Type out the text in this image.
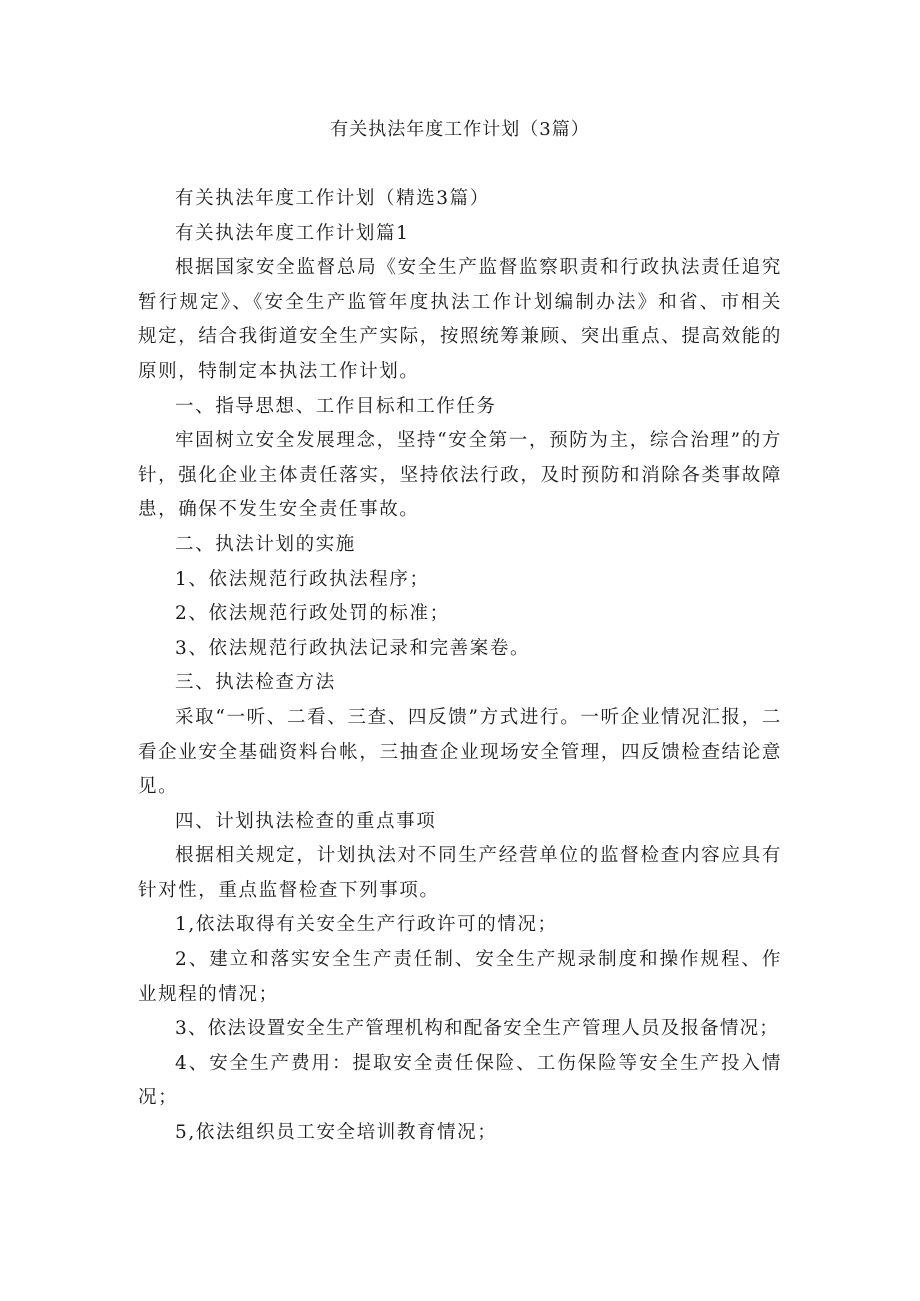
有关执法年度工作计划（3篇）

有关执法年度工作计划（精选3篇）

有关执法年度工作计划篇1

根据国家安全监督总局《安全生产监督监察职责和行政执法责任追究暂行规定》、《安全生产监管年度执法工作计划编制办法》和省、市相关规定，结合我街道安全生产实际，按照统筹兼顾、突出重点、提高效能的原则，特制定本执法工作计划。

一、指导思想、工作目标和工作任务

牢固树立安全发展理念，坚持“安全第一，预防为主，综合治理”的方针，强化企业主体责任落实，坚持依法行政，及时预防和消除各类事故障患，确保不发生安全责任事故。

二、执法计划的实施

1、依法规范行政执法程序；

2、依法规范行政处罚的标准；

3、依法规范行政执法记录和完善案卷。

三、执法检查方法

采取“一听、二看、三查、四反馈”方式进行。一听企业情况汇报，二看企业安全基础资料台帐，三抽查企业现场安全管理，四反馈检查结论意见。

四、计划执法检查的重点事项

根据相关规定，计划执法对不同生产经营单位的监督检查内容应具有针对性，重点监督检查下列事项。

1,依法取得有关安全生产行政许可的情况；

2、建立和落实安全生产责任制、安全生产规录制度和操作规程、作业规程的情况；

3、依法设置安全生产管理机构和配备安全生产管理人员及报备情况；

4、安全生产费用：提取安全责任保险、工伤保险等安全生产投入情况；

5,依法组织员工安全培训教育情况；
